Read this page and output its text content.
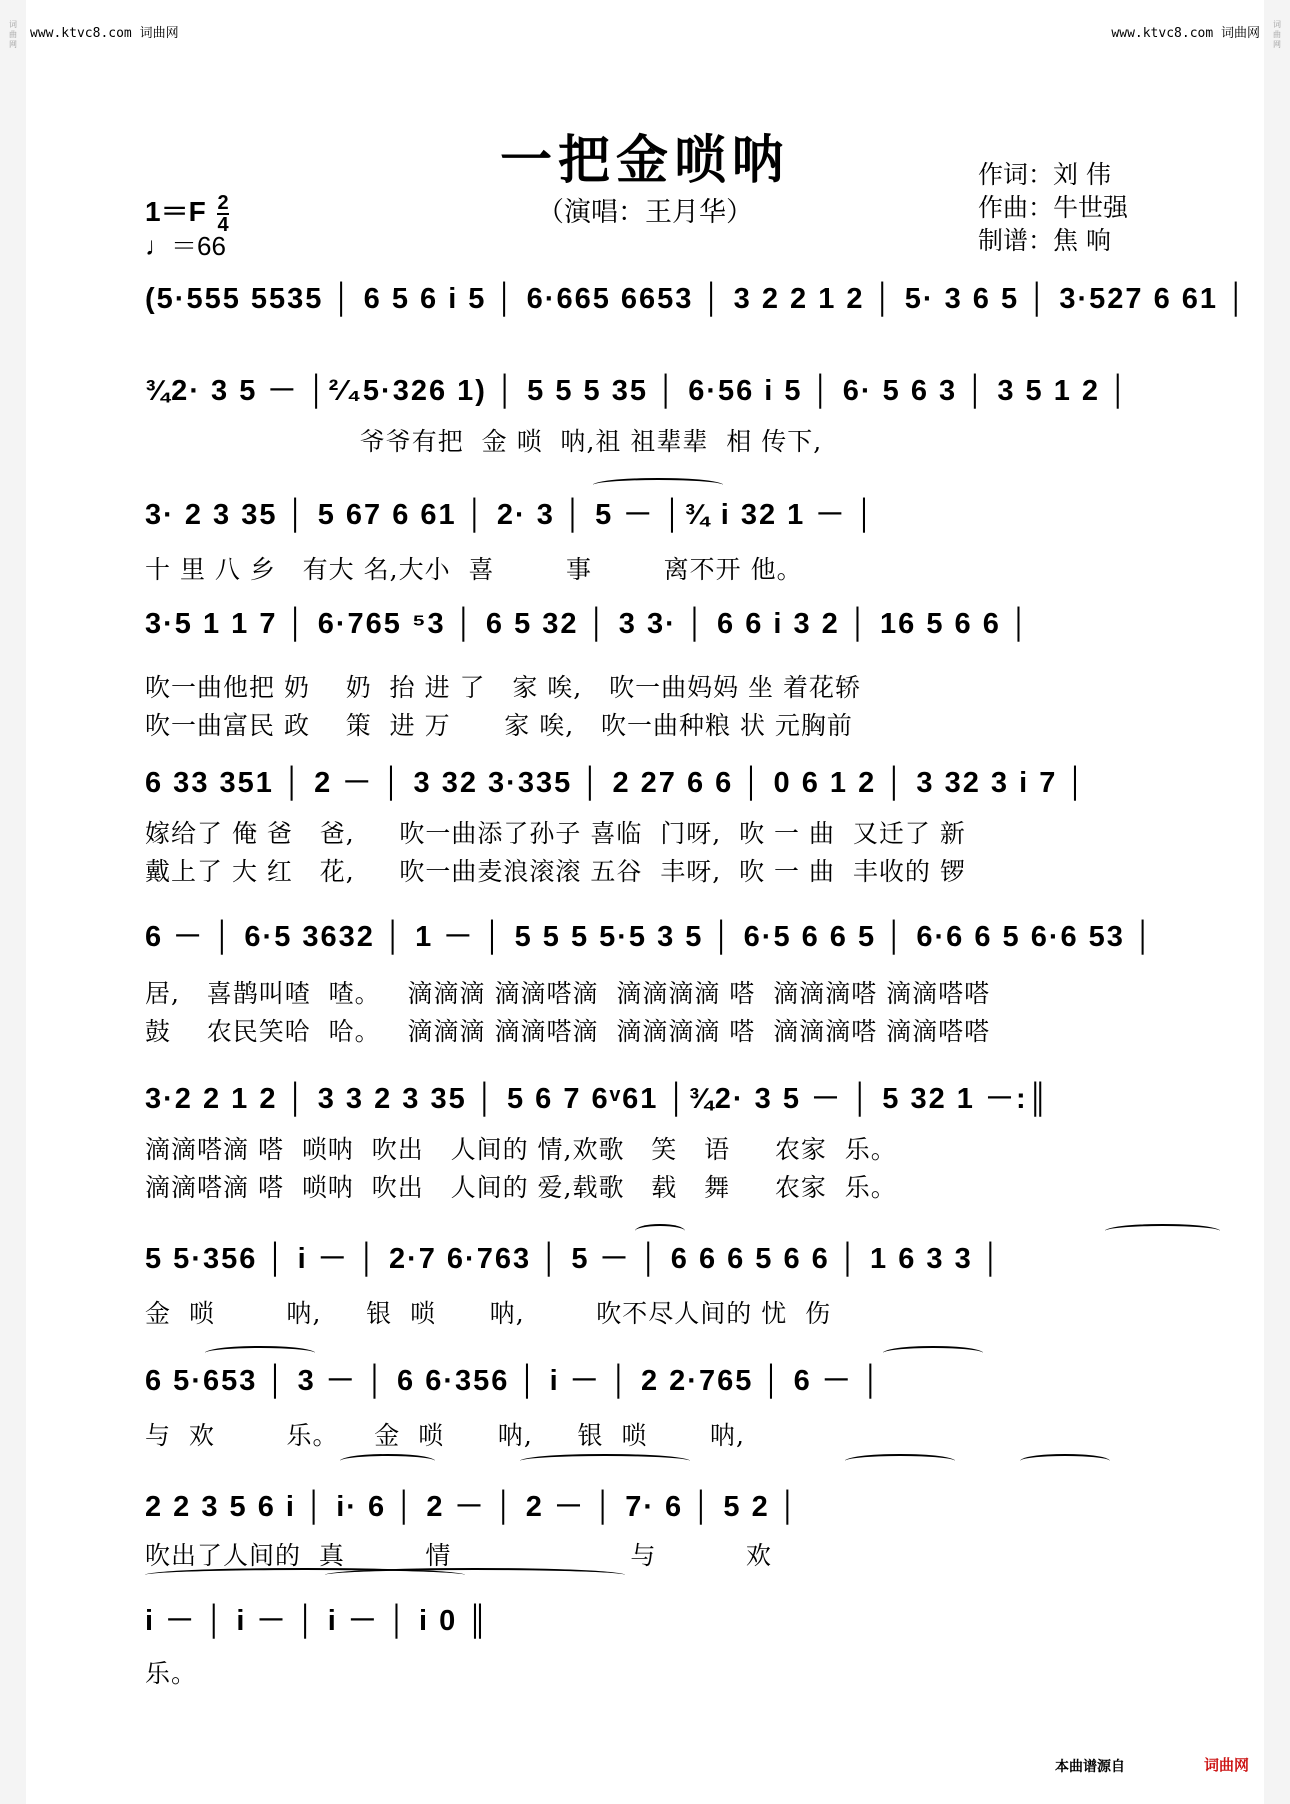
词
曲
网
词
曲
网
www.ktvc8.com 词曲网	www.ktvc8.com 词曲网
一把金唢呐
（演唱：王月华）
作词：刘 伟
作曲：牛世强
制谱：焦 响
$1=F \frac{2}{4}$
♩＝66
(5·555 5535 │ 6 5 6 i 5 │ 6·665 6653 │ 3 2 2 1 2 │ 5· 3 6 5 │ 3·527 6 61 │
¾2· 3 5 － │²⁄₄5·326 1) │ 5 5 5 35 │ 6·56 i 5 │ 6· 5 6 3 │ 3 5 1 2 │
爷爷有把  金 唢  呐,祖 祖辈辈  相 传下,
3· 2 3 35 │ 5 67 6 61 │ 2· 3 │ 5 － │¾ i 32 1 － │
十 里 八 乡   有大 名,大小  喜        事        离不开 他。
3·5 1 1 7 │ 6·765 ⁵3 │ 6 5 32 │ 3 3· │ 6 6 i 3 2 │ 16 5 6 6 │
吹一曲他把 奶    奶  抬 进 了   家 唉,   吹一曲妈妈 坐 着花轿
吹一曲富民 政    策  进 万      家 唉,   吹一曲种粮 状 元胸前
6 33 351 │ 2 － │ 3 32 3·335 │ 2 27 6 6 │ 0 6 1 2 │ 3 32 3 i 7 │
嫁给了 俺 爸   爸,     吹一曲添了孙子 喜临  门呀,  吹 一 曲  又迁了 新
戴上了 大 红   花,     吹一曲麦浪滚滚 五谷  丰呀,  吹 一 曲  丰收的 锣
6 － │ 6·5 3632 │ 1 － │ 5 5 5 5·5 3 5 │ 6·5 6 6 5 │ 6·6 6 5 6·6 53 │
居,   喜鹊叫喳  喳。   滴滴滴 滴滴嗒滴  滴滴滴滴 嗒  滴滴滴嗒 滴滴嗒嗒
鼓    农民笑哈  哈。   滴滴滴 滴滴嗒滴  滴滴滴滴 嗒  滴滴滴嗒 滴滴嗒嗒
3·2 2 1 2 │ 3 3 2 3 35 │ 5 6 7 6ᵛ61 │¾2· 3 5 － │ 5 32 1 －:║
滴滴嗒滴 嗒  唢呐  吹出   人间的 情,欢歌   笑   语     农家  乐。
滴滴嗒滴 嗒  唢呐  吹出   人间的 爱,载歌   载   舞     农家  乐。
5 5·356 │ i － │ 2·7 6·763 │ 5 － │ 6 6 6 5 6 6 │ 1 6 3 3 │
金  唢        呐,     银  唢      呐,        吹不尽人间的 忧  伤
6 5·653 │ 3 － │ 6 6·356 │ i － │ 2 2·765 │ 6 － │
与  欢        乐。    金  唢      呐,     银  唢       呐,
2 2 3 5 6 i │ i· 6 │ 2 － │ 2 － │ 7· 6 │ 5 2 │
吹出了人间的  真         情                    与          欢
i － │ i － │ i － │ i 0 ║
乐。
本曲谱源自	词曲网
